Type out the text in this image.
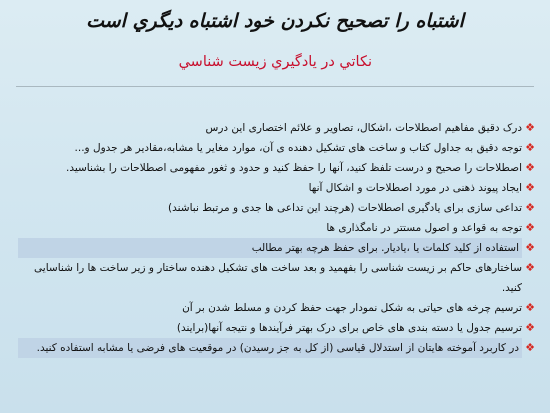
اشتباه را تصحيح نكردن خود اشتباه ديگري است
نكاتي در يادگيري زيست شناسي
❖
درک دقیق مفاهیم اصطلاحات ،اشکال، تصاویر و علائم اختصاری این درس
❖
توجه دقیق به جداول کتاب و ساخت های تشکیل دهنده ی آن، موارد مغایر یا مشابه،مقادیر هر جدول و...
❖
اصطلاحات را صحیح و درست تلفظ کنید، آنها را حفظ کنید و حدود و ثغور مفهومی اصطلاحات را بشناسید.
❖
ایجاد پیوند ذهنی در مورد اصطلاحات و اشکال آنها
❖
تداعی سازی برای یادگیری اصطلاحات (هرچند این تداعی ها جدی و مرتبط نباشند)
❖
توجه به قواعد و اصول مستتر در نامگذاری ها
❖
استفاده از کلید کلمات یا ،یادیار. برای حفظ هرچه بهتر مطالب
❖
ساختارهای حاکم بر زیست شناسی را بفهمید و بعد ساخت های تشکیل دهنده ساختار و زیر ساخت ها را شناسایی کنید.
❖
ترسیم چرخه های حیاتی به شکل نمودار جهت حفظ کردن و مسلط شدن بر آن
❖
ترسیم جدول یا دسته بندی های خاص برای درک بهتر فرآیندها و نتیجه آنها(برایند)
❖
در کاربرد آموخته هایتان از استدلال قیاسی (از کل به جز رسیدن) در موقعیت های فرضی یا مشابه استفاده کنید.
